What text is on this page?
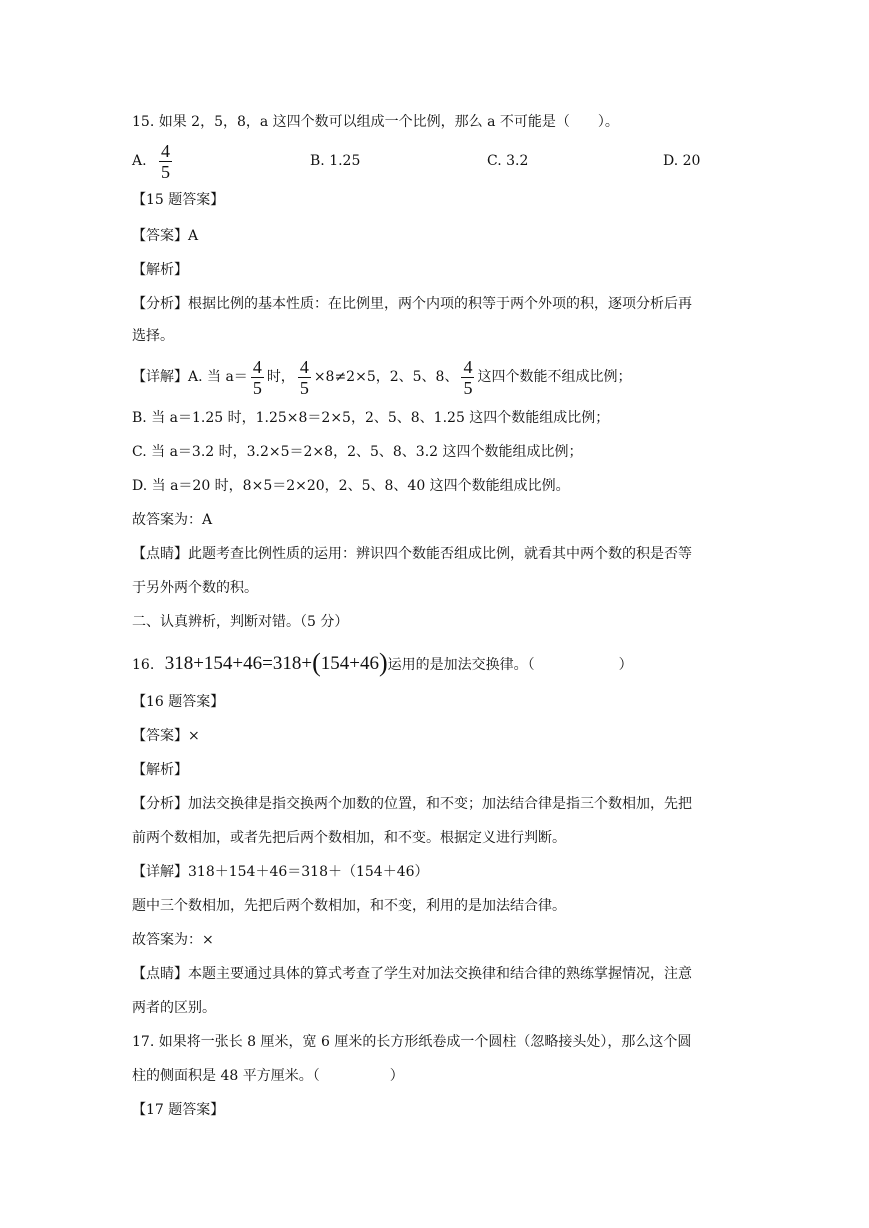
15. 如果 2，5，8，a 这四个数可以组成一个比例，那么 a 不可能是（　　）。
A. $\frac{4}{5}$	B. 1.25	C. 3.2	D. 20
【15 题答案】
【答案】A
【解析】
【分析】根据比例的基本性质：在比例里，两个内项的积等于两个外项的积，逐项分析后再
选择。
【详解】A. 当 $a= \frac{4}{5}$ 时， $\frac{4}{5} \times 8\ne 2\times 5$，2、5、8、 $\frac{4}{5}$ 这四个数能不组成比例；
B. 当 a＝1.25 时，1.25×8＝2×5，2、5、8、1.25 这四个数能组成比例；
C. 当 a＝3.2 时，3.2×5＝2×8，2、5、8、3.2 这四个数能组成比例；
D. 当 a＝20 时，8×5＝2×20，2、5、8、40 这四个数能组成比例。
故答案为：A
【点睛】此题考查比例性质的运用：辨识四个数能否组成比例，就看其中两个数的积是否等
于另外两个数的积。
二、认真辨析，判断对错。（5 分）
16. 318+154+46=318+(154+46)运用的是加法交换律。（　　　　　　）
【16 题答案】
【答案】×
【解析】
【分析】加法交换律是指交换两个加数的位置，和不变；加法结合律是指三个数相加，先把
前两个数相加，或者先把后两个数相加，和不变。根据定义进行判断。
【详解】318＋154＋46＝318＋（154＋46）
题中三个数相加，先把后两个数相加，和不变，利用的是加法结合律。
故答案为：×
【点睛】本题主要通过具体的算式考查了学生对加法交换律和结合律的熟练掌握情况，注意
两者的区别。
17. 如果将一张长 8 厘米，宽 6 厘米的长方形纸卷成一个圆柱（忽略接头处），那么这个圆
柱的侧面积是 48 平方厘米。（　　　　　）
【17 题答案】
